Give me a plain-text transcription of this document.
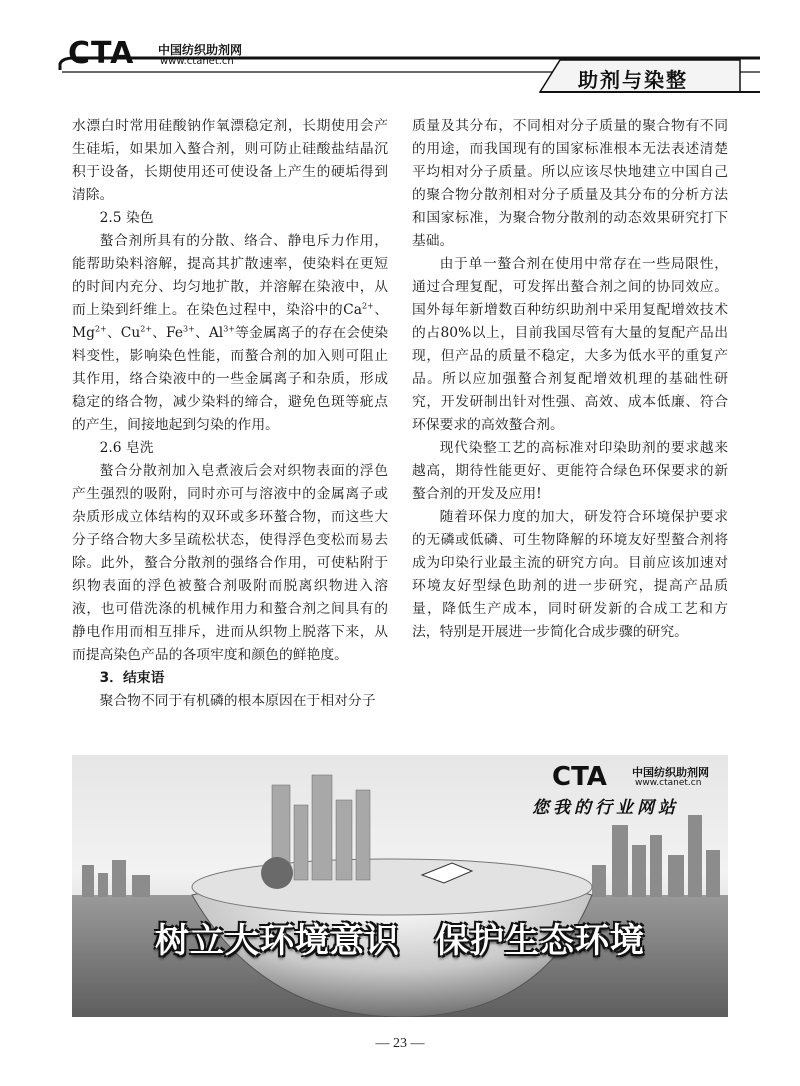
CTA 中国纺织助剂网
www.ctanet.cn
助剂与染整

水漂白时常用硅酸钠作氧漂稳定剂，长期使用会产生硅垢，如果加入螯合剂，则可防止硅酸盐结晶沉积于设备，长期使用还可使设备上产生的硬垢得到清除。

2.5 染色

螯合剂所具有的分散、络合、静电斥力作用，能帮助染料溶解，提高其扩散速率，使染料在更短的时间内充分、均匀地扩散，并溶解在染液中，从而上染到纤维上。在染色过程中，染浴中的$Ca^{2+}$、$Mg^{2+}$、$Cu^{2+}$、$Fe^{3+}$、$Al^{3+}$等金属离子的存在会使染料变性，影响染色性能，而螯合剂的加入则可阻止其作用，络合染液中的一些金属离子和杂质，形成稳定的络合物，减少染料的缔合，避免色斑等疵点的产生，间接地起到匀染的作用。

2.6 皂洗

螯合分散剂加入皂煮液后会对织物表面的浮色产生强烈的吸附，同时亦可与溶液中的金属离子或杂质形成立体结构的双环或多环螯合物，而这些大分子络合物大多呈疏松状态，使得浮色变松而易去除。此外，螯合分散剂的强络合作用，可使粘附于织物表面的浮色被螯合剂吸附而脱离织物进入溶液，也可借洗涤的机械作用力和螯合剂之间具有的静电作用而相互排斥，进而从织物上脱落下来，从而提高染色产品的各项牢度和颜色的鲜艳度。

3．结束语

聚合物不同于有机磷的根本原因在于相对分子

质量及其分布，不同相对分子质量的聚合物有不同的用途，而我国现有的国家标准根本无法表述清楚平均相对分子质量。所以应该尽快地建立中国自己的聚合物分散剂相对分子质量及其分布的分析方法和国家标准，为聚合物分散剂的动态效果研究打下基础。

由于单一螯合剂在使用中常存在一些局限性，通过合理复配，可发挥出螯合剂之间的协同效应。国外每年新增数百种纺织助剂中采用复配增效技术的占80%以上，目前我国尽管有大量的复配产品出现，但产品的质量不稳定，大多为低水平的重复产品。所以应加强螯合剂复配增效机理的基础性研究，开发研制出针对性强、高效、成本低廉、符合环保要求的高效螯合剂。

现代染整工艺的高标准对印染助剂的要求越来越高，期待性能更好、更能符合绿色环保要求的新螯合剂的开发及应用!

随着环保力度的加大，研发符合环境保护要求的无磷或低磷、可生物降解的环境友好型螯合剂将成为印染行业最主流的研究方向。目前应该加速对环境友好型绿色助剂的进一步研究，提高产品质量，降低生产成本，同时研发新的合成工艺和方法，特别是开展进一步简化合成步骤的研究。

CTA 中国纺织助剂网
www.ctanet.cn
您我的行业网站
树立大环境意识　保护生态环境
— 23 —
